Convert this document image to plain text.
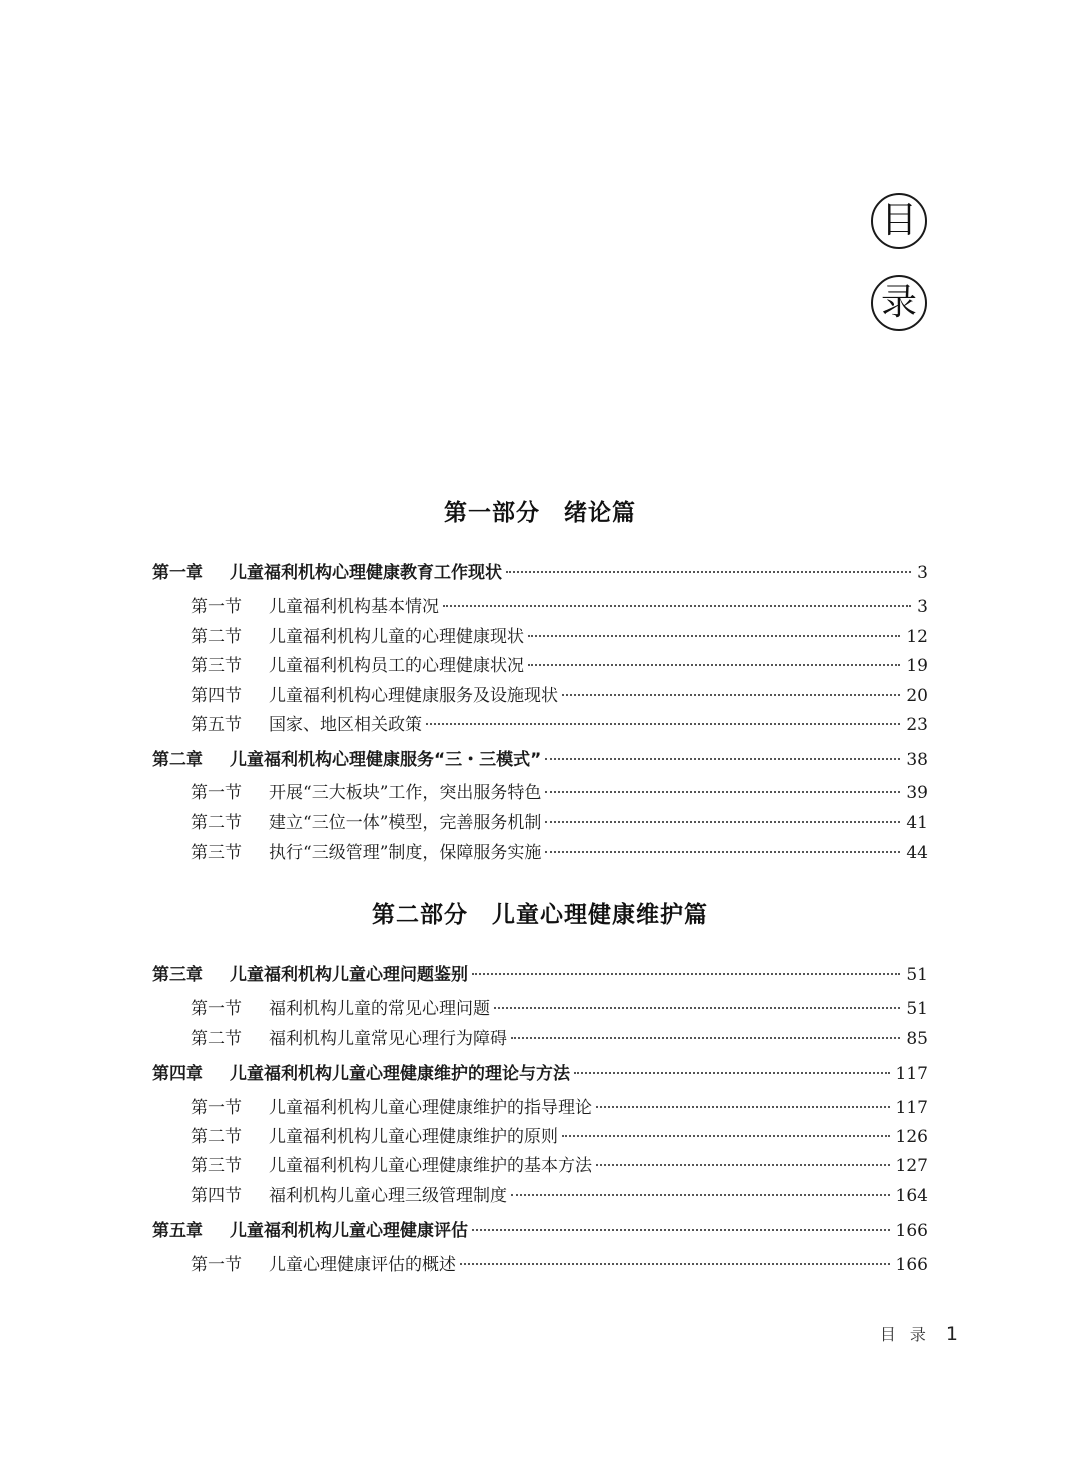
目
录
第一部分　绪论篇
第一章	儿童福利机构心理健康教育工作现状	3
第一节	儿童福利机构基本情况	3
第二节	儿童福利机构儿童的心理健康现状	12
第三节	儿童福利机构员工的心理健康状况	19
第四节	儿童福利机构心理健康服务及设施现状	20
第五节	国家、地区相关政策	23
第二章	儿童福利机构心理健康服务“三・三模式”	38
第一节	开展“三大板块”工作，突出服务特色	39
第二节	建立“三位一体”模型，完善服务机制	41
第三节	执行“三级管理”制度，保障服务实施	44
第二部分　儿童心理健康维护篇
第三章	儿童福利机构儿童心理问题鉴别	51
第一节	福利机构儿童的常见心理问题	51
第二节	福利机构儿童常见心理行为障碍	85
第四章	儿童福利机构儿童心理健康维护的理论与方法	117
第一节	儿童福利机构儿童心理健康维护的指导理论	117
第二节	儿童福利机构儿童心理健康维护的原则	126
第三节	儿童福利机构儿童心理健康维护的基本方法	127
第四节	福利机构儿童心理三级管理制度	164
第五章	儿童福利机构儿童心理健康评估	166
第一节	儿童心理健康评估的概述	166
目录 1
